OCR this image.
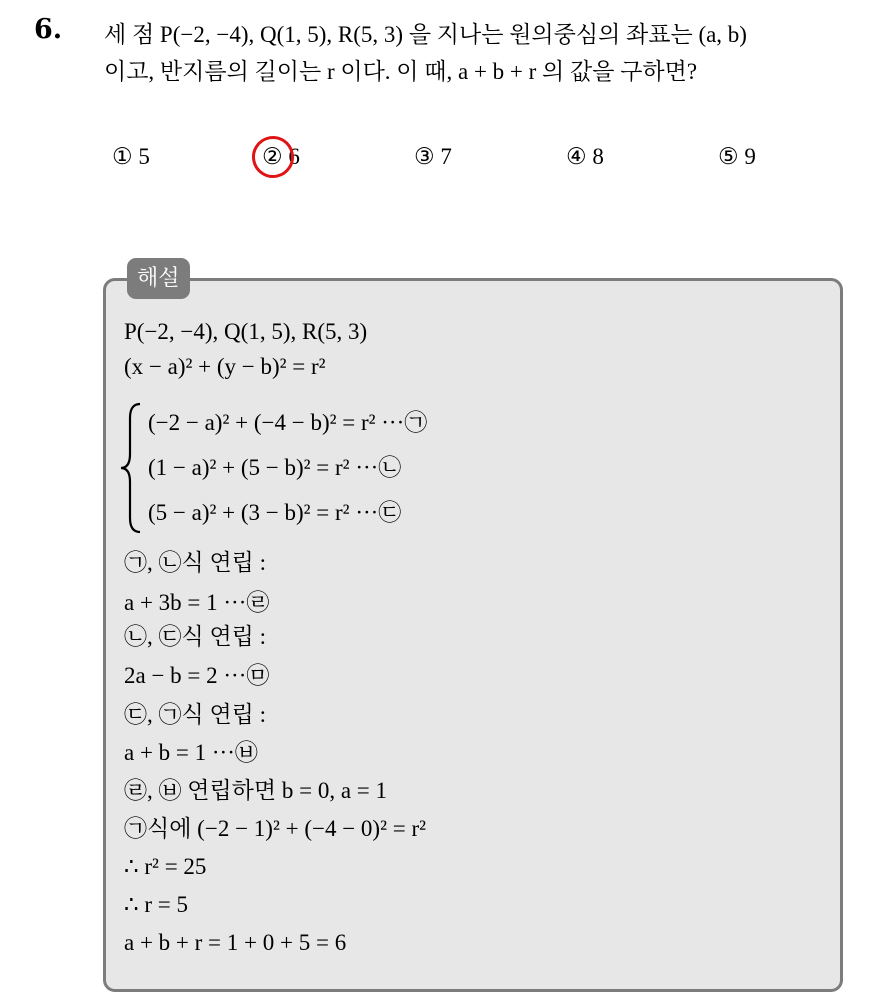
6. 세 점 P(−2, −4), Q(1, 5), R(5, 3) 을 지나는 원의중심의 좌표는 (a, b)
이고, 반지름의 길이는 r 이다. 이 때, a + b + r 의 값을 구하면?
① 5	② 6	③ 7	④ 8	⑤ 9
해설
P(−2, −4), Q(1, 5), R(5, 3)
(x − a)² + (y − b)² = r²
(−2 − a)² + (−4 − b)² = r² ···㉠
(1 − a)² + (5 − b)² = r² ···㉡
(5 − a)² + (3 − b)² = r² ···㉢
㉠, ㉡식 연립 :
a + 3b = 1 ···㉣
㉡, ㉢식 연립 :
2a − b = 2 ···㉤
㉢, ㉠식 연립 :
a + b = 1 ···㉥
㉣, ㉥ 연립하면 b = 0, a = 1
㉠식에 (−2 − 1)² + (−4 − 0)² = r²
∴ r² = 25
∴ r = 5
a + b + r = 1 + 0 + 5 = 6
